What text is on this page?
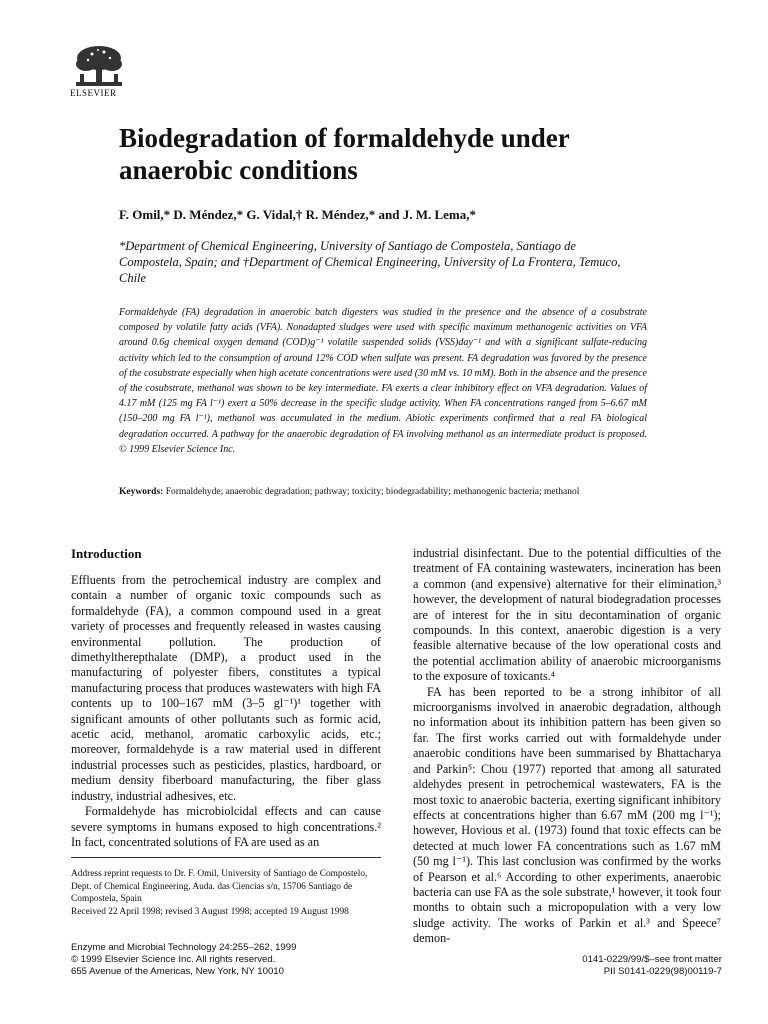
ELSEVIER
Biodegradation of formaldehyde under anaerobic conditions
F. Omil,* D. Méndez,* G. Vidal,† R. Méndez,* and J. M. Lema,*
*Department of Chemical Engineering, University of Santiago de Compostela, Santiago de Compostela, Spain; and †Department of Chemical Engineering, University of La Frontera, Temuco, Chile
Formaldehyde (FA) degradation in anaerobic batch digesters was studied in the presence and the absence of a cosubstrate composed by volatile fatty acids (VFA). Nonadapted sludges were used with specific maximum methanogenic activities on VFA around 0.6g chemical oxygen demand (COD)g⁻¹ volatile suspended solids (VSS)day⁻¹ and with a significant sulfate-reducing activity which led to the consumption of around 12% COD when sulfate was present. FA degradation was favored by the presence of the cosubstrate especially when high acetate concentrations were used (30 mM vs. 10 mM). Both in the absence and the presence of the cosubstrate, methanol was shown to be key intermediate. FA exerts a clear inhibitory effect on VFA degradation. Values of 4.17 mM (125 mg FA l⁻¹) exert a 50% decrease in the specific sludge activity. When FA concentrations ranged from 5–6.67 mM (150–200 mg FA l⁻¹), methanol was accumulated in the medium. Abiotic experiments confirmed that a real FA biological degradation occurred. A pathway for the anaerobic degradation of FA involving methanol as an intermediate product is proposed. © 1999 Elsevier Science Inc.
Keywords: Formaldehyde; anaerobic degradation; pathway; toxicity; biodegradability; methanogenic bacteria; methanol
Introduction

Effluents from the petrochemical industry are complex and contain a number of organic toxic compounds such as formaldehyde (FA), a common compound used in a great variety of processes and frequently released in wastes causing environmental pollution. The production of dimethyltherepthalate (DMP), a product used in the manufacturing of polyester fibers, constitutes a typical manufacturing process that produces wastewaters with high FA contents up to 100–167 mM (3–5 gl⁻¹)¹ together with significant amounts of other pollutants such as formic acid, acetic acid, methanol, aromatic carboxylic acids, etc.; moreover, formaldehyde is a raw material used in different industrial processes such as pesticides, plastics, hardboard, or medium density fiberboard manufacturing, the fiber glass industry, industrial adhesives, etc.

Formaldehyde has microbiolcidal effects and can cause severe symptoms in humans exposed to high concentrations.² In fact, concentrated solutions of FA are used as an

Address reprint requests to Dr. F. Omil, University of Santiago de Compostelo, Dept. of Chemical Engineering, Auda. das Ciencias s/n, 15706 Santiago de Compostela, Spain
Received 22 April 1998; revised 3 August 1998; accepted 19 August 1998

industrial disinfectant. Due to the potential difficulties of the treatment of FA containing wastewaters, incineration has been a common (and expensive) alternative for their elimination,³ however, the development of natural biodegradation processes are of interest for the in situ decontamination of organic compounds. In this context, anaerobic digestion is a very feasible alternative because of the low operational costs and the potential acclimation ability of anaerobic microorganisms to the exposure of toxicants.⁴

FA has been reported to be a strong inhibitor of all microorganisms involved in anaerobic degradation, although no information about its inhibition pattern has been given so far. The first works carried out with formaldehyde under anaerobic conditions have been summarised by Bhattacharya and Parkin⁵: Chou (1977) reported that among all saturated aldehydes present in petrochemical wastewaters, FA is the most toxic to anaerobic bacteria, exerting significant inhibitory effects at concentrations higher than 6.67 mM (200 mg l⁻¹); however, Hovious et al. (1973) found that toxic effects can be detected at much lower FA concentrations such as 1.67 mM (50 mg l⁻¹). This last conclusion was confirmed by the works of Pearson et al.⁶ According to other experiments, anaerobic bacteria can use FA as the sole substrate,¹ however, it took four months to obtain such a micropopulation with a very low sludge activity. The works of Parkin et al.³ and Speece⁷ demon-

Enzyme and Microbial Technology 24:255–262, 1999
© 1999 Elsevier Science Inc. All rights reserved.
655 Avenue of the Americas, New York, NY 10010
0141-0229/99/$–see front matter
PII S0141-0229(98)00119-7
